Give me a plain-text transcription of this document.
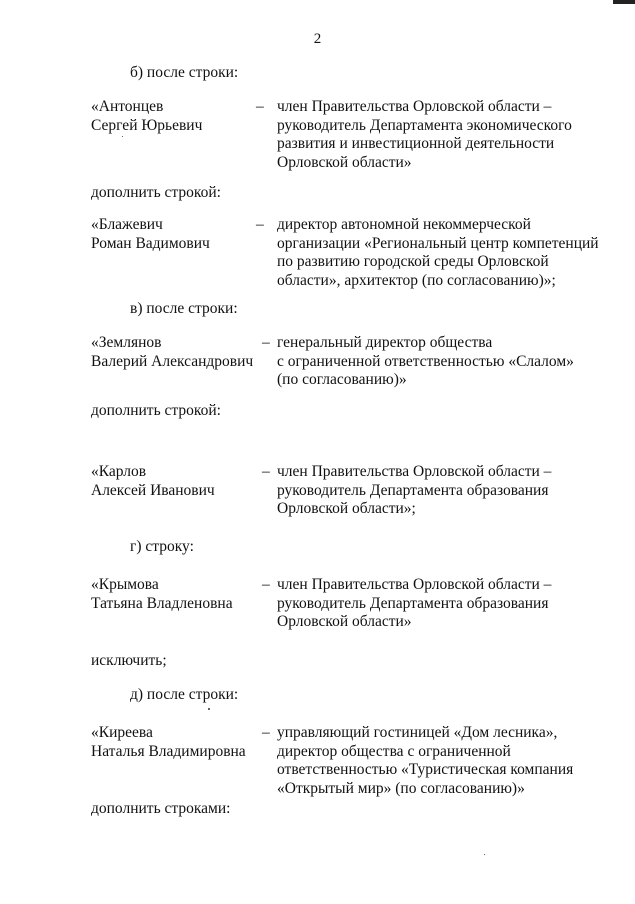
2
б) после строки:
«Антонцев
Сергей Юрьевич
– член Правительства Орловской области –
руководитель Департамента экономического
развития и инвестиционной деятельности
Орловской области»
дополнить строкой:
«Блажевич
Роман Вадимович
– директор автономной некоммерческой
организации «Региональный центр компетенций
по развитию городской среды Орловской
области», архитектор (по согласованию)»;
в) после строки:
«Землянов
Валерий Александрович
– генеральный директор общества
с ограниченной ответственностью «Слалом»
(по согласованию)»
дополнить строкой:
«Карлов
Алексей Иванович
– член Правительства Орловской области –
руководитель Департамента образования
Орловской области»;
г) строку:
«Крымова
Татьяна Владленовна
– член Правительства Орловской области –
руководитель Департамента образования
Орловской области»
исключить;
д) после строки:
«Киреева
Наталья Владимировна
– управляющий гостиницей «Дом лесника»,
директор общества с ограниченной
ответственностью «Туристическая компания
«Открытый мир» (по согласованию)»
дополнить строками:
